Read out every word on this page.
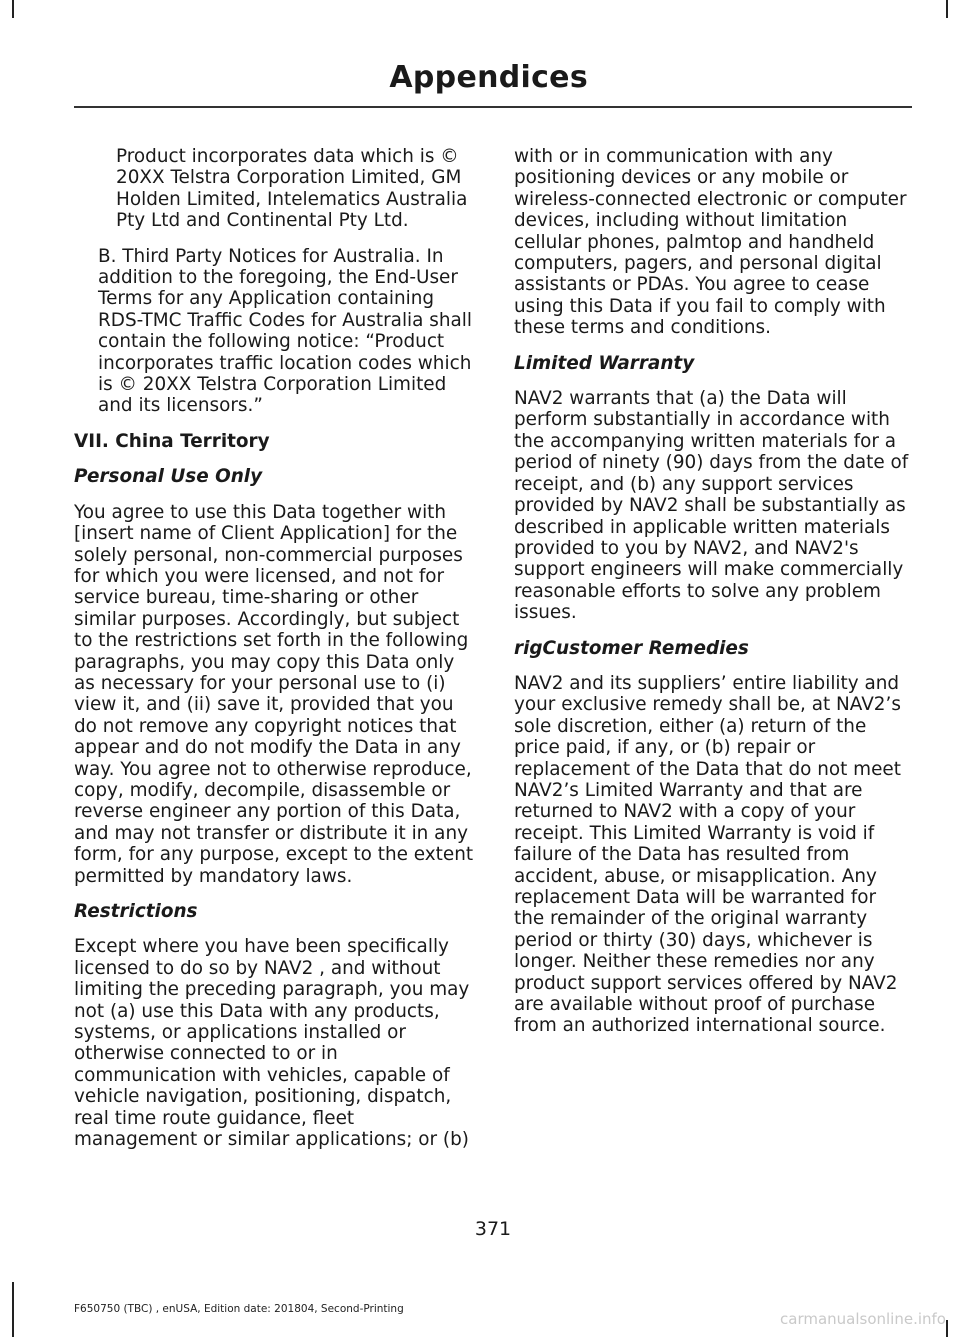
Appendices

Product incorporates data which is © 20XX Telstra Corporation Limited, GM Holden Limited, Intelematics Australia Pty Ltd and Continental Pty Ltd.

B. Third Party Notices for Australia. In addition to the foregoing, the End-User Terms for any Application containing RDS-TMC Traffic Codes for Australia shall contain the following notice: “Product incorporates traffic location codes which is © 20XX Telstra Corporation Limited and its licensors.”

VII. China Territory
Personal Use Only

You agree to use this Data together with [insert name of Client Application] for the solely personal, non-commercial purposes for which you were licensed, and not for service bureau, time-sharing or other similar purposes. Accordingly, but subject to the restrictions set forth in the following paragraphs, you may copy this Data only as necessary for your personal use to (i) view it, and (ii) save it, provided that you do not remove any copyright notices that appear and do not modify the Data in any way. You agree not to otherwise reproduce, copy, modify, decompile, disassemble or reverse engineer any portion of this Data, and may not transfer or distribute it in any form, for any purpose, except to the extent permitted by mandatory laws.

Restrictions

Except where you have been specifically licensed to do so by NAV2 , and without limiting the preceding paragraph, you may not (a) use this Data with any products, systems, or applications installed or otherwise connected to or in communication with vehicles, capable of vehicle navigation, positioning, dispatch, real time route guidance, fleet management or similar applications; or (b)

with or in communication with any positioning devices or any mobile or wireless-connected electronic or computer devices, including without limitation cellular phones, palmtop and handheld computers, pagers, and personal digital assistants or PDAs. You agree to cease using this Data if you fail to comply with these terms and conditions.

Limited Warranty

NAV2 warrants that (a) the Data will perform substantially in accordance with the accompanying written materials for a period of ninety (90) days from the date of receipt, and (b) any support services provided by NAV2 shall be substantially as described in applicable written materials provided to you by NAV2, and NAV2's support engineers will make commercially reasonable efforts to solve any problem issues.

rigCustomer Remedies

NAV2 and its suppliers’ entire liability and your exclusive remedy shall be, at NAV2’s sole discretion, either (a) return of the price paid, if any, or (b) repair or replacement of the Data that do not meet NAV2’s Limited Warranty and that are returned to NAV2 with a copy of your receipt. This Limited Warranty is void if failure of the Data has resulted from accident, abuse, or misapplication. Any replacement Data will be warranted for the remainder of the original warranty period or thirty (30) days, whichever is longer. Neither these remedies nor any product support services offered by NAV2 are available without proof of purchase from an authorized international source.

371
F650750 (TBC) , enUSA, Edition date: 201804, Second-Printing
carmanualsonline.info
